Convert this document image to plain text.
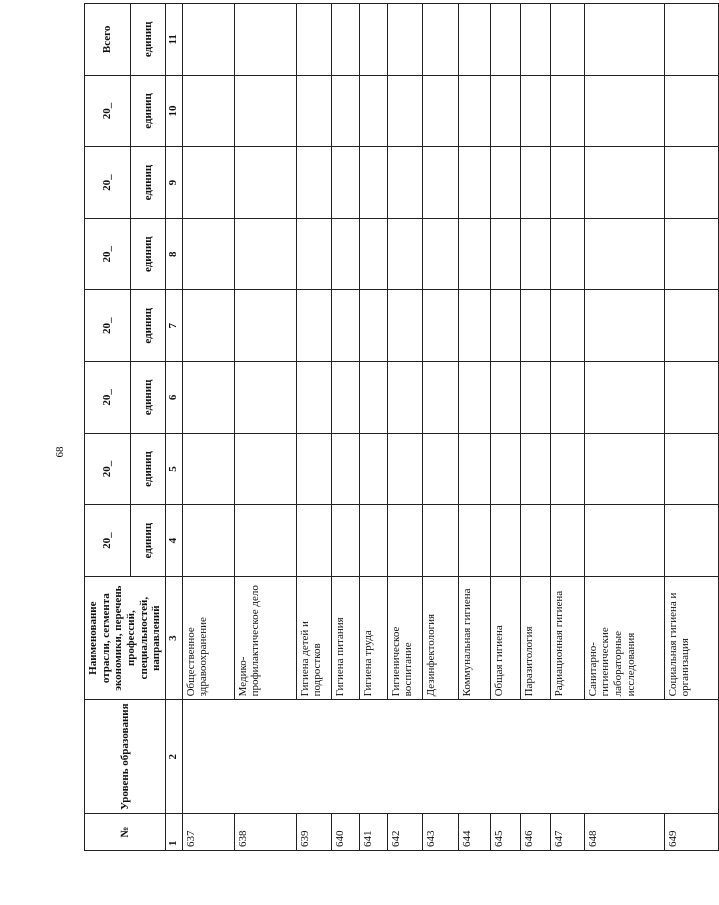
68
№	Уровень образования	Наименование отрасли, сегмента экономики, перечень профессий, специальностей, направлений	20_	20_	20_	20_	20_	20_	20_	Всего
			единиц	единиц	единиц	единиц	единиц	единиц	единиц	единиц
1	2	3	4	5	6	7	8	9	10	11
637		Общественное здравоохранение								
638		Медико-профилактическое дело								
639		Гигиена детей и подростков								
640		Гигиена питания								
641		Гигиена труда								
642		Гигиеническое воспитание								
643		Дезинфектология								
644		Коммунальная гигиена								
645		Общая гигиена								
646		Паразитология								
647		Радиационная гигиена								
648		Санитарно-гигиенические лабораторные исследования								
649		Социальная гигиена и организация								
